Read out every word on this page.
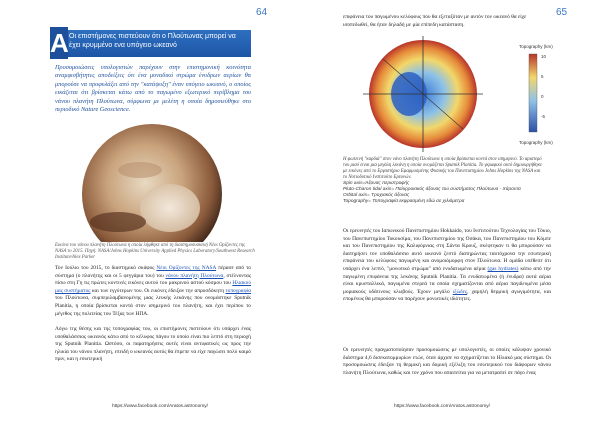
64
Οι επιστήμονες πιστεύουν ότι ο Πλούτωνας μπορεί να έχει κρυμμένο ενα υπόγειο ωκεανό
Α
Προσομοιώσεις υπολογιστών παρέχουν στην επιστημονική κοινότητα αναμφισβήτητες αποδείξεις ότι ένα μοναδικό στρώμα ένυδρων αερίων θα μπορούσε να προφυλάξει από την "κατάψυξη" έναν υπόγειο ωκεανό, ο οποίος εικάζεται ότι βρίσκεται κάτω από το παγωμένο εξωτερικό περίβλημα του νάνου πλανήτη Πλούτωνα, σύμφωνα με μελέτη η οποία δημοσιεύθηκε στο περιοδικό Nature Geoscience.
Εικόνα του νάνου πλανήτη Πλούτωνα η οποία λήφθηκε από τη διαστημοσυσκευή Νέοι Ορίζοντες της NASA το 2015. Πηγή: NASA/Johns Hopkins University Applied Physics Laboratory/Southwest Research Institute/Alex Parker
Τον Ιούλιο του 2015, το διαστημικό σκάφος Νέοι Ορίζοντες της NASA πέρασε από το σύστημα (ο πλανήτης και οι 5 φεγγάρια του) του νάνου πλανήτη Πλούτωνα, στέλνοντας πίσω στη Γη τις πρώτες κοντινές εικόνες αυτού του μακρινού αστού κόσμου του Ηλιακού μας συστήματος και των εγγύτερων του. Οι εικόνες έδειξαν την απροσδόκητη τοπογραφία του Πλούτωνα, συμπεριλαμβανομένης μιας λευκής λεκάνης που ονομάστηκε Sputnik Planitia, η οποία βρίσκεται κοντά στον ισημερινό του πλανήτη, και έχει περίπου το μέγεθος της πολιτείας του Τέξας των ΗΠΑ.
Λόγω της θέσης και της τοπογραφίας του, οι επιστήμονες πιστεύουν ότι υπάρχει ένας υποθαλάσσιος ωκεανός κάτω από το κέλυφος πάγου το οποίο είναι πιο λεπτό στη περιοχή της Sputnik Planitia. Ωστόσο, οι παρατηρήσεις αυτές είναι αντιφατικές ως προς την ηλικία του νάνου πλανήτη, επειδή ο ωκεανός αυτός θα έπρεπε να είχε παγώσει πολύ καιρό πριν, και η εσωτερική
https://www.facebook.com/Aratos.astronomy/
65
επιφάνεια του παγωμένου κελύφους που θα εξεταζόταν με αυτόν τον ωκεανό θα είχε ισοπεδωθεί, θα ήταν δηλαδή με μία επίπεδη κατάσταση.
10
5
0
-5
Topography (km)
Topography (km)
Η φωτεινή "καρδιά" στον νάνο πλανήτη Πλούτωνα η οποία βρίσκεται κοντά στον ισημερινό. Το αριστερό του μισό είναι μια μεγάλη λεκάνη η οποία ονομάζεται Sputnik Planitia. Το γκραφικό αυτό δημιουργήθηκε με εικόνες από το Εργαστήριο Εφαρμοσμένης Φυσικής του Πανεπιστημίου Johns Hopkins της NASA και το Νοτιοδυτικό Ινστιτούτο Ερευνών.
Spin axis=Άξονας περιστροφής
Pluto-Charon tidal axis= Παλιρροιακός άξονας του συστήματος Πλούτωνα - Χάροντα
Orbital axis= Τροχιακός άξονας
Topography= Τοπογραφία εκφρασμένη εδώ σε χιλιόμετρα
Οι ερευνητές του Ιαπωνικού Πανεπιστημίου Hokkaido, του Ινστιτούτου Τεχνολογίας του Τόκιο, του Πανεπιστημίου Τοκουσίμα, του Πανεπιστημίου της Οσάκα, του Πανεπιστημίου του Κόμπε και του Πανεπιστημίου της Καλιφόρνιας στη Σάντα Κρουζ, σκέφτηκαν τι θα μπορούσαν να διατηρήσει τον υποθαλάσσιο αυτό ωκεανό ζεστό διατηρώντας ταυτόχρονα την εσωτερική επιφάνεια του κελύφους παγωμένη και ανομοιόμορφη στον Πλούτωνα. Η ομάδα υπέθεσε ότι υπάρχει ένα λεπτό, "μονωτικό στρώμα" από ενυδατωμένα αέρια (gas hydrates) κάτω από την παγωμένη επιφάνεια της λεκάνης Sputnik Planitia. Τα ενυδατωμένα (ή ένυδρα) αυτά αέρια είναι κρυσταλλικά, παγωμένα στερεά τα οποία σχηματίζονται από αέρια παγιδευμένα μέσα μοριακούς υδάτινους κλωβούς. Έχουν μεγάλο ιξώδες, χαμηλή θερμική αγωγιμότητα, και επομένως θα μπορούσαν να παρέχουν μονωτικές ιδιότητες.
Οι ερευνητές πραγματοποίησαν προσομοιώσεις με υπολογιστές, οι οποίες κάλυψαν χρονικό διάστημα 4,6 δισεκατομμυρίων ετών, όταν άρχισε να σχηματίζεται το Ηλιακό μας σύστημα. Οι προσομοιώσεις έδειξαν τη θερμική και δομική εξέλιξη του εσωτερικού του διάφορων νάνου πλανήτη Πλούτωνα, καθώς και τον χρόνο που απαιτείται για να μετατραπεί σε πάγο ένας
https://www.facebook.com/Aratos.astronomy/
